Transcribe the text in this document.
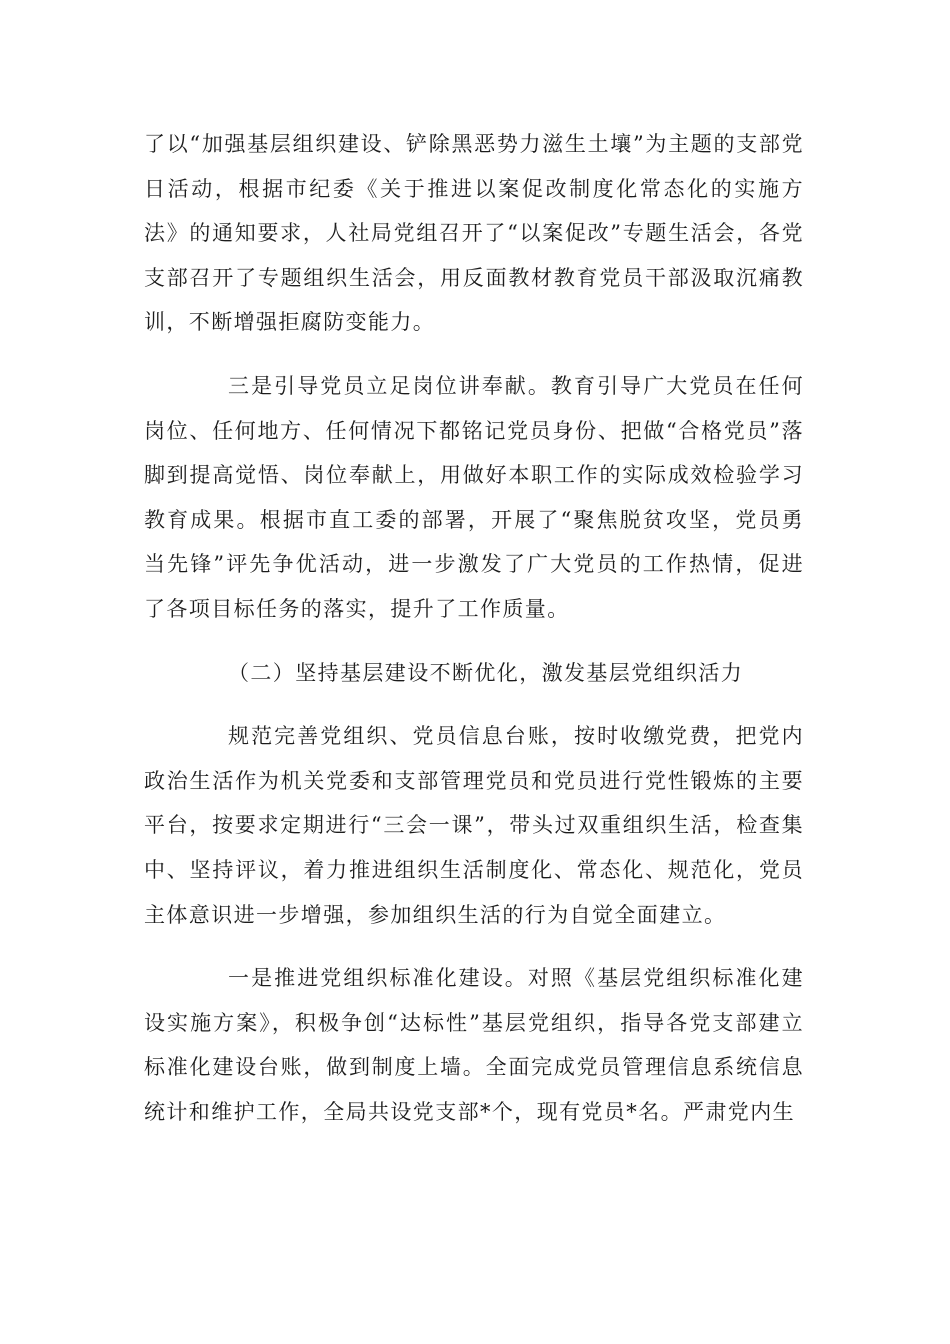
了以“加强基层组织建设、铲除黑恶势力滋生土壤”为主题的支部党日活动，根据市纪委《关于推进以案促改制度化常态化的实施方法》的通知要求，人社局党组召开了“以案促改”专题生活会，各党支部召开了专题组织生活会，用反面教材教育党员干部汲取沉痛教训，不断增强拒腐防变能力。

三是引导党员立足岗位讲奉献。教育引导广大党员在任何岗位、任何地方、任何情况下都铭记党员身份、把做“合格党员”落脚到提高觉悟、岗位奉献上，用做好本职工作的实际成效检验学习教育成果。根据市直工委的部署，开展了“聚焦脱贫攻坚，党员勇当先锋”评先争优活动，进一步激发了广大党员的工作热情，促进了各项目标任务的落实，提升了工作质量。

（二）坚持基层建设不断优化，激发基层党组织活力

规范完善党组织、党员信息台账，按时收缴党费，把党内政治生活作为机关党委和支部管理党员和党员进行党性锻炼的主要平台，按要求定期进行“三会一课”，带头过双重组织生活，检查集中、坚持评议，着力推进组织生活制度化、常态化、规范化，党员主体意识进一步增强，参加组织生活的行为自觉全面建立。

一是推进党组织标准化建设。对照《基层党组织标准化建设实施方案》，积极争创“达标性”基层党组织，指导各党支部建立标准化建设台账，做到制度上墙。全面完成党员管理信息系统信息统计和维护工作，全局共设党支部*个，现有党员*名。严肃党内生
